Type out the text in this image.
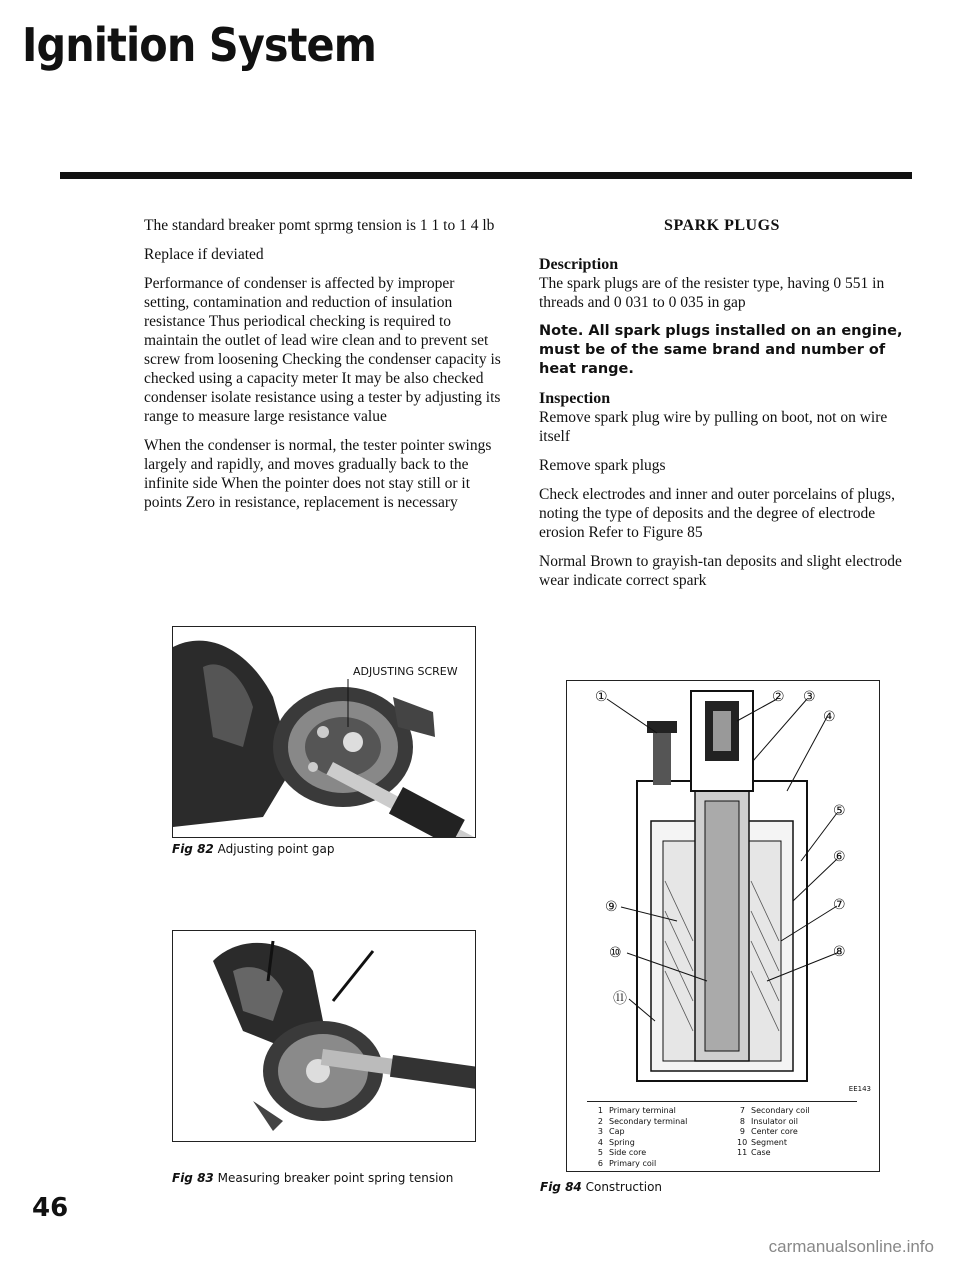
Ignition System

The standard breaker pomt sprmg tension is 1 1 to 1 4 lb

Replace if deviated

Performance of condenser is affected by improper setting, contamination and reduction of insulation resistance Thus periodical checking is required to maintain the outlet of lead wire clean and to prevent set screw from loosening Checking the condenser capacity is checked using a capacity meter It may be also checked condenser isolate resistance using a tester by adjusting its range to measure large resistance value

When the condenser is normal, the tester pointer swings largely and rapidly, and moves gradually back to the infinite side When the pointer does not stay still or it points Zero in resistance, replacement is necessary

ADJUSTING SCREW
Fig 82 Adjusting point gap
Fig 83 Measuring breaker point spring tension
SPARK PLUGS
Description

The spark plugs are of the resister type, having 0 551 in threads and 0 031 to 0 035 in gap

Note. All spark plugs installed on an engine, must be of the same brand and number of heat range.

Inspection

Remove spark plug wire by pulling on boot, not on wire itself

Remove spark plugs

Check electrodes and inner and outer porcelains of plugs, noting the type of deposits and the degree of electrode erosion Refer to Figure 85

Normal Brown to grayish-tan deposits and slight electrode wear indicate correct spark

①	② ③
④
⑤
⑥
⑦
⑧
⑨
⑩
⑪
EE143
1 Primary terminal
2 Secondary terminal
3 Cap
4 Spring
5 Side core
6 Primary coil
7 Secondary coil
8 Insulator oil
9 Center core
10 Segment
11 Case
Fig 84 Construction
46
carmanualsonline.info
